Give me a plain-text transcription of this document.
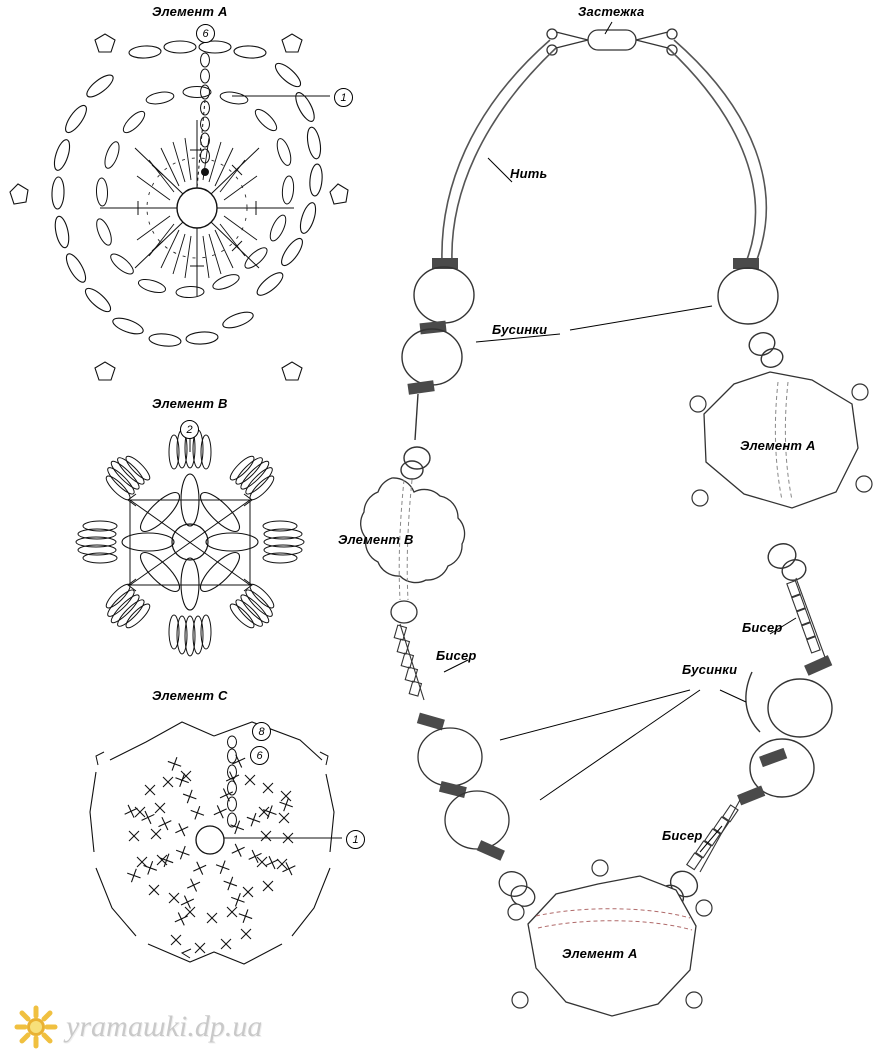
Элемент А
6
1
Элемент В
2
Элемент С
8
6
1
Застежка
Нить
Бусинки
Элемент А
Элемент В
Бисер
Бисер
Бусинки
Бисер
Элемент А
уraташki.dp.ua
